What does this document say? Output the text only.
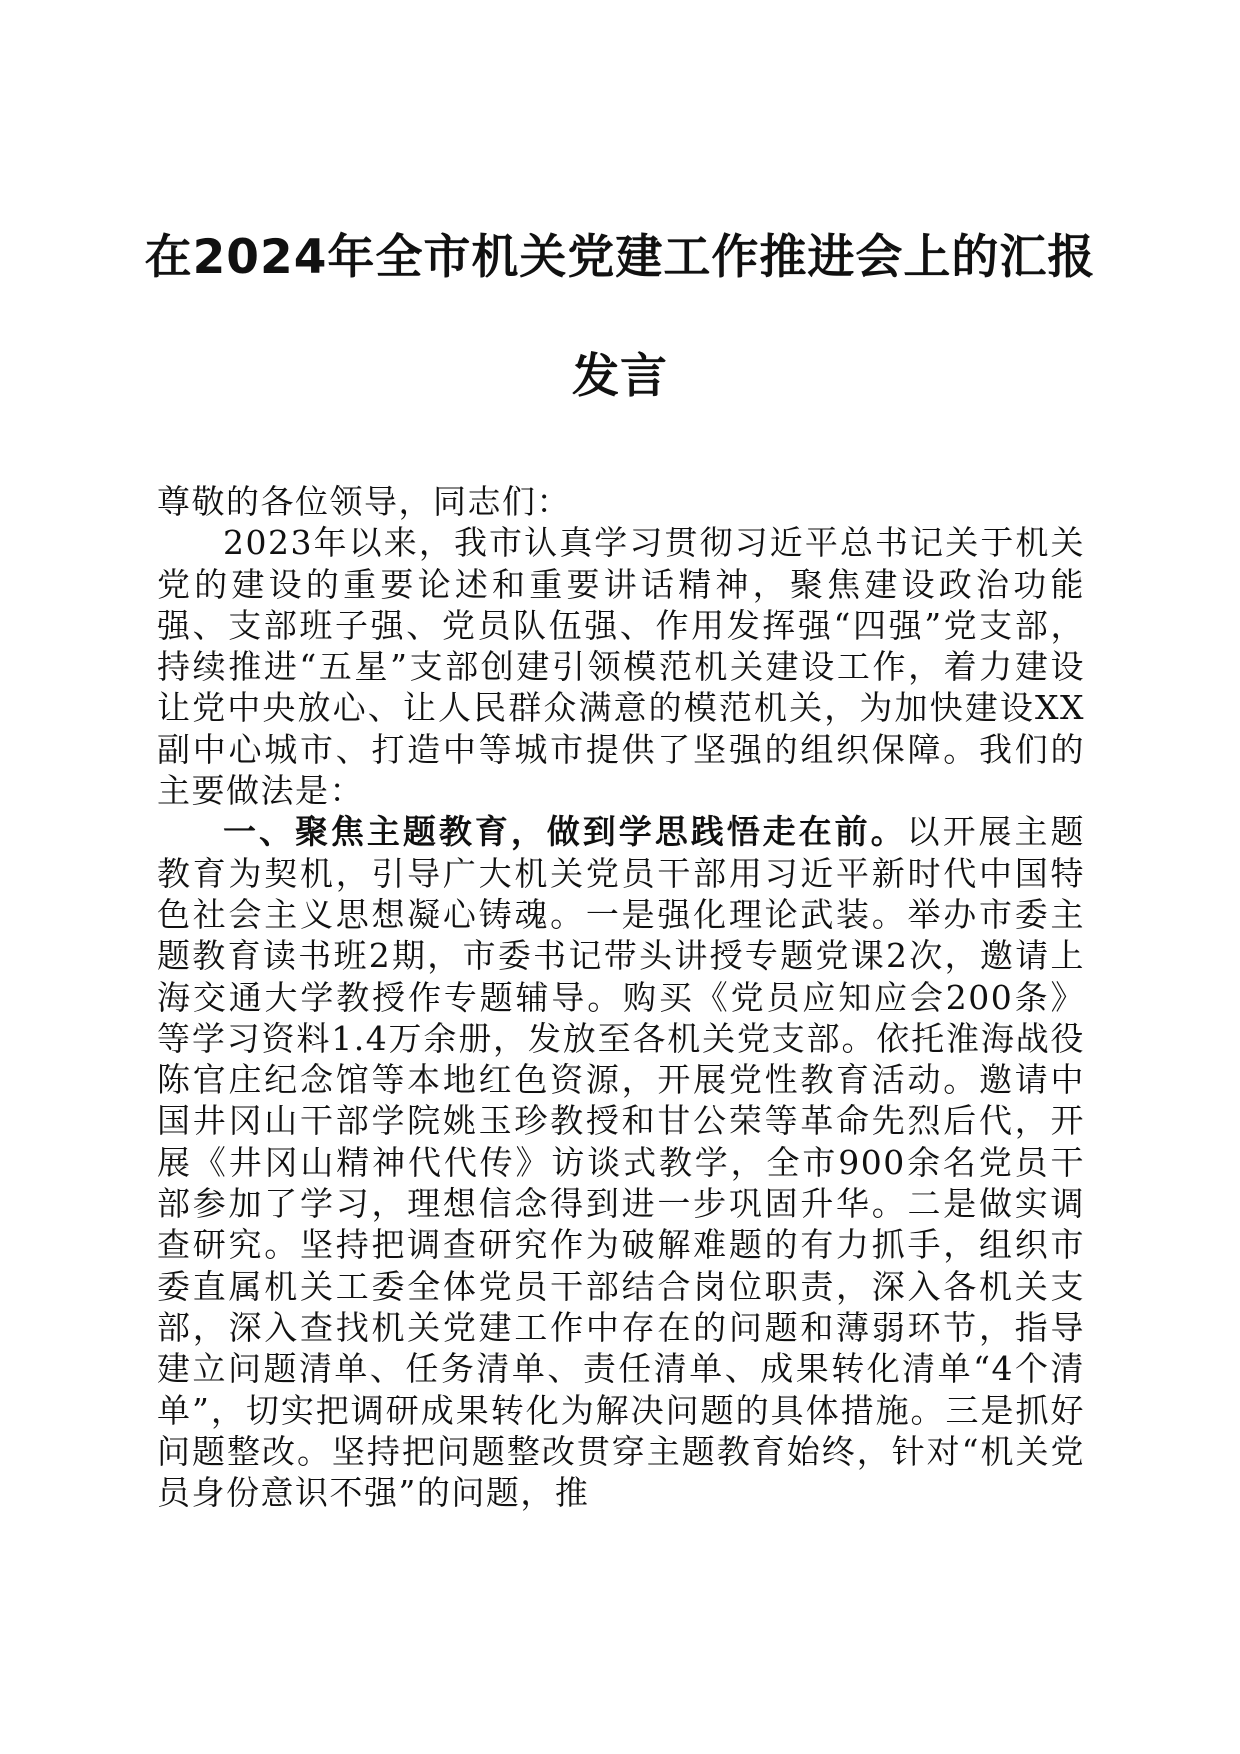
在2024年全市机关党建工作推进会上的汇报
发言

尊敬的各位领导，同志们：

2023年以来，我市认真学习贯彻习近平总书记关于机关党的建设的重要论述和重要讲话精神，聚焦建设政治功能强、支部班子强、党员队伍强、作用发挥强“四强”党支部，持续推进“五星”支部创建引领模范机关建设工作，着力建设让党中央放心、让人民群众满意的模范机关，为加快建设XX副中心城市、打造中等城市提供了坚强的组织保障。我们的主要做法是：

一、聚焦主题教育，做到学思践悟走在前。以开展主题教育为契机，引导广大机关党员干部用习近平新时代中国特色社会主义思想凝心铸魂。一是强化理论武装。举办市委主题教育读书班2期，市委书记带头讲授专题党课2次，邀请上海交通大学教授作专题辅导。购买《党员应知应会200条》等学习资料1.4万余册，发放至各机关党支部。依托淮海战役陈官庄纪念馆等本地红色资源，开展党性教育活动。邀请中国井冈山干部学院姚玉珍教授和甘公荣等革命先烈后代，开展《井冈山精神代代传》访谈式教学，全市900余名党员干部参加了学习，理想信念得到进一步巩固升华。二是做实调查研究。坚持把调查研究作为破解难题的有力抓手，组织市委直属机关工委全体党员干部结合岗位职责，深入各机关支部，深入查找机关党建工作中存在的问题和薄弱环节，指导建立问题清单、任务清单、责任清单、成果转化清单“4个清单”，切实把调研成果转化为解决问题的具体措施。三是抓好问题整改。坚持把问题整改贯穿主题教育始终，针对“机关党员身份意识不强”的问题，推
